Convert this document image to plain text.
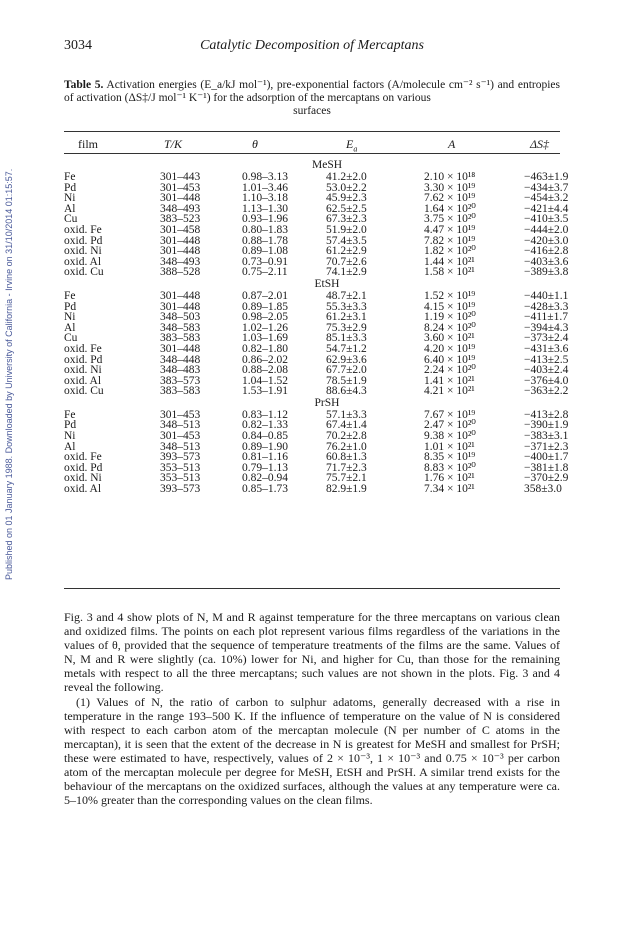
Published on 01 January 1988. Downloaded by University of California - Irvine on 31/10/2014 01:15:57.
3034	Catalytic Decomposition of Mercaptans
Table 5. Activation energies (E_a/kJ mol⁻¹), pre-exponential factors (A/molecule cm⁻² s⁻¹) and entropies of activation (ΔS‡/J mol⁻¹ K⁻¹) for the adsorption of the mercaptans on various
surfaces
film	T/K	θ	$E_a$	A	ΔS‡
MeSH
Fe	301–443	0.98–3.13	41.2±2.0	2.10 × 10¹⁸	−463±1.9
Pd	301–453	1.01–3.46	53.0±2.2	3.30 × 10¹⁹	−434±3.7
Ni	301–448	1.10–3.18	45.9±2.3	7.62 × 10¹⁹	−454±3.2
Al	348–493	1.13–1.30	62.5±2.5	1.64 × 10²⁰	−421±4.4
Cu	383–523	0.93–1.96	67.3±2.3	3.75 × 10²⁰	−410±3.5
oxid. Fe	301–458	0.80–1.83	51.9±2.0	4.47 × 10¹⁹	−444±2.0
oxid. Pd	301–448	0.88–1.78	57.4±3.5	7.82 × 10¹⁹	−420±3.0
oxid. Ni	301–448	0.89–1.08	61.2±2.9	1.82 × 10²⁰	−416±2.8
oxid. Al	348–493	0.73–0.91	70.7±2.6	1.44 × 10²¹	−403±3.6
oxid. Cu	388–528	0.75–2.11	74.1±2.9	1.58 × 10²¹	−389±3.8
EtSH
Fe	301–448	0.87–2.01	48.7±2.1	1.52 × 10¹⁹	−440±1.1
Pd	301–448	0.89–1.85	55.3±3.3	4.15 × 10¹⁹	−428±3.3
Ni	348–503	0.98–2.05	61.2±3.1	1.19 × 10²⁰	−411±1.7
Al	348–583	1.02–1.26	75.3±2.9	8.24 × 10²⁰	−394±4.3
Cu	383–583	1.03–1.69	85.1±3.3	3.60 × 10²¹	−373±2.4
oxid. Fe	301–448	0.82–1.80	54.7±1.2	4.20 × 10¹⁹	−431±3.6
oxid. Pd	348–448	0.86–2.02	62.9±3.6	6.40 × 10¹⁹	−413±2.5
oxid. Ni	348–483	0.88–2.08	67.7±2.0	2.24 × 10²⁰	−403±2.4
oxid. Al	383–573	1.04–1.52	78.5±1.9	1.41 × 10²¹	−376±4.0
oxid. Cu	383–583	1.53–1.91	88.6±4.3	4.21 × 10²¹	−363±2.2
PrSH
Fe	301–453	0.83–1.12	57.1±3.3	7.67 × 10¹⁹	−413±2.8
Pd	348–513	0.82–1.33	67.4±1.4	2.47 × 10²⁰	−390±1.9
Ni	301–453	0.84–0.85	70.2±2.8	9.38 × 10²⁰	−383±3.1
Al	348–513	0.89–1.90	76.2±1.0	1.01 × 10²¹	−371±2.3
oxid. Fe	393–573	0.81–1.16	60.8±1.3	8.35 × 10¹⁹	−400±1.7
oxid. Pd	353–513	0.79–1.13	71.7±2.3	8.83 × 10²⁰	−381±1.8
oxid. Ni	353–513	0.82–0.94	75.7±2.1	1.76 × 10²¹	−370±2.9
oxid. Al	393–573	0.85–1.73	82.9±1.9	7.34 × 10²¹	358±3.0

Fig. 3 and 4 show plots of N, M and R against temperature for the three mercaptans on various clean and oxidized films. The points on each plot represent various films regardless of the variations in the values of θ, provided that the sequence of temperature treatments of the films are the same. Values of N, M and R were slightly (ca. 10%) lower for Ni, and higher for Cu, than those for the remaining metals with respect to all the three mercaptans; such values are not shown in the plots. Fig. 3 and 4 reveal the following.

(1) Values of N, the ratio of carbon to sulphur adatoms, generally decreased with a rise in temperature in the range 193–500 K. If the influence of temperature on the value of N is considered with respect to each carbon atom of the mercaptan molecule (N per number of C atoms in the mercaptan), it is seen that the extent of the decrease in N is greatest for MeSH and smallest for PrSH; these were estimated to have, respectively, values of 2 × 10⁻³, 1 × 10⁻³ and 0.75 × 10⁻³ per carbon atom of the mercaptan molecule per degree for MeSH, EtSH and PrSH. A similar trend exists for the behaviour of the mercaptans on the oxidized surfaces, although the values at any temperature were ca. 5–10% greater than the corresponding values on the clean films.
